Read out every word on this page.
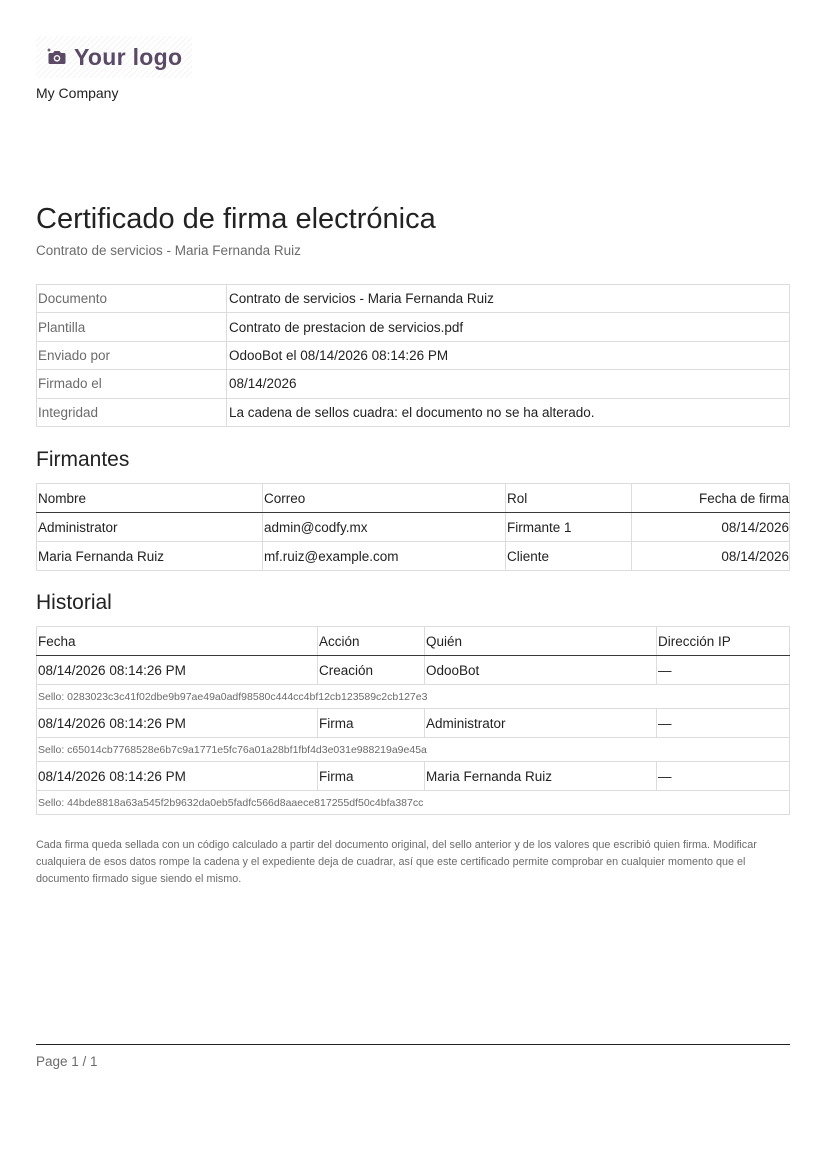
Your logo
My Company
Certificado de firma electrónica
Contrato de servicios - Maria Fernanda Ruiz
Documento	Contrato de servicios - Maria Fernanda Ruiz
Plantilla	Contrato de prestacion de servicios.pdf
Enviado por	OdooBot el 08/14/2026 08:14:26 PM
Firmado el	08/14/2026
Integridad	La cadena de sellos cuadra: el documento no se ha alterado.
Firmantes
Nombre	Correo	Rol	Fecha de firma
Administrator	admin@codfy.mx	Firmante 1	08/14/2026
Maria Fernanda Ruiz	mf.ruiz@example.com	Cliente	08/14/2026
Historial
Fecha	Acción	Quién	Dirección IP
08/14/2026 08:14:26 PM	Creación	OdooBot	—
Sello: 0283023c3c41f02dbe9b97ae49a0adf98580c444cc4bf12cb123589c2cb127e3			
08/14/2026 08:14:26 PM	Firma	Administrator	—
Sello: c65014cb7768528e6b7c9a1771e5fc76a01a28bf1fbf4d3e031e988219a9e45a			
08/14/2026 08:14:26 PM	Firma	Maria Fernanda Ruiz	—
Sello: 44bde8818a63a545f2b9632da0eb5fadfc566d8aaece817255df50c4bfa387cc			

Cada firma queda sellada con un código calculado a partir del documento original, del sello anterior y de los valores que escribió quien firma. Modificar cualquiera de esos datos rompe la cadena y el expediente deja de cuadrar, así que este certificado permite comprobar en cualquier momento que el documento firmado sigue siendo el mismo.

Page 1 / 1
